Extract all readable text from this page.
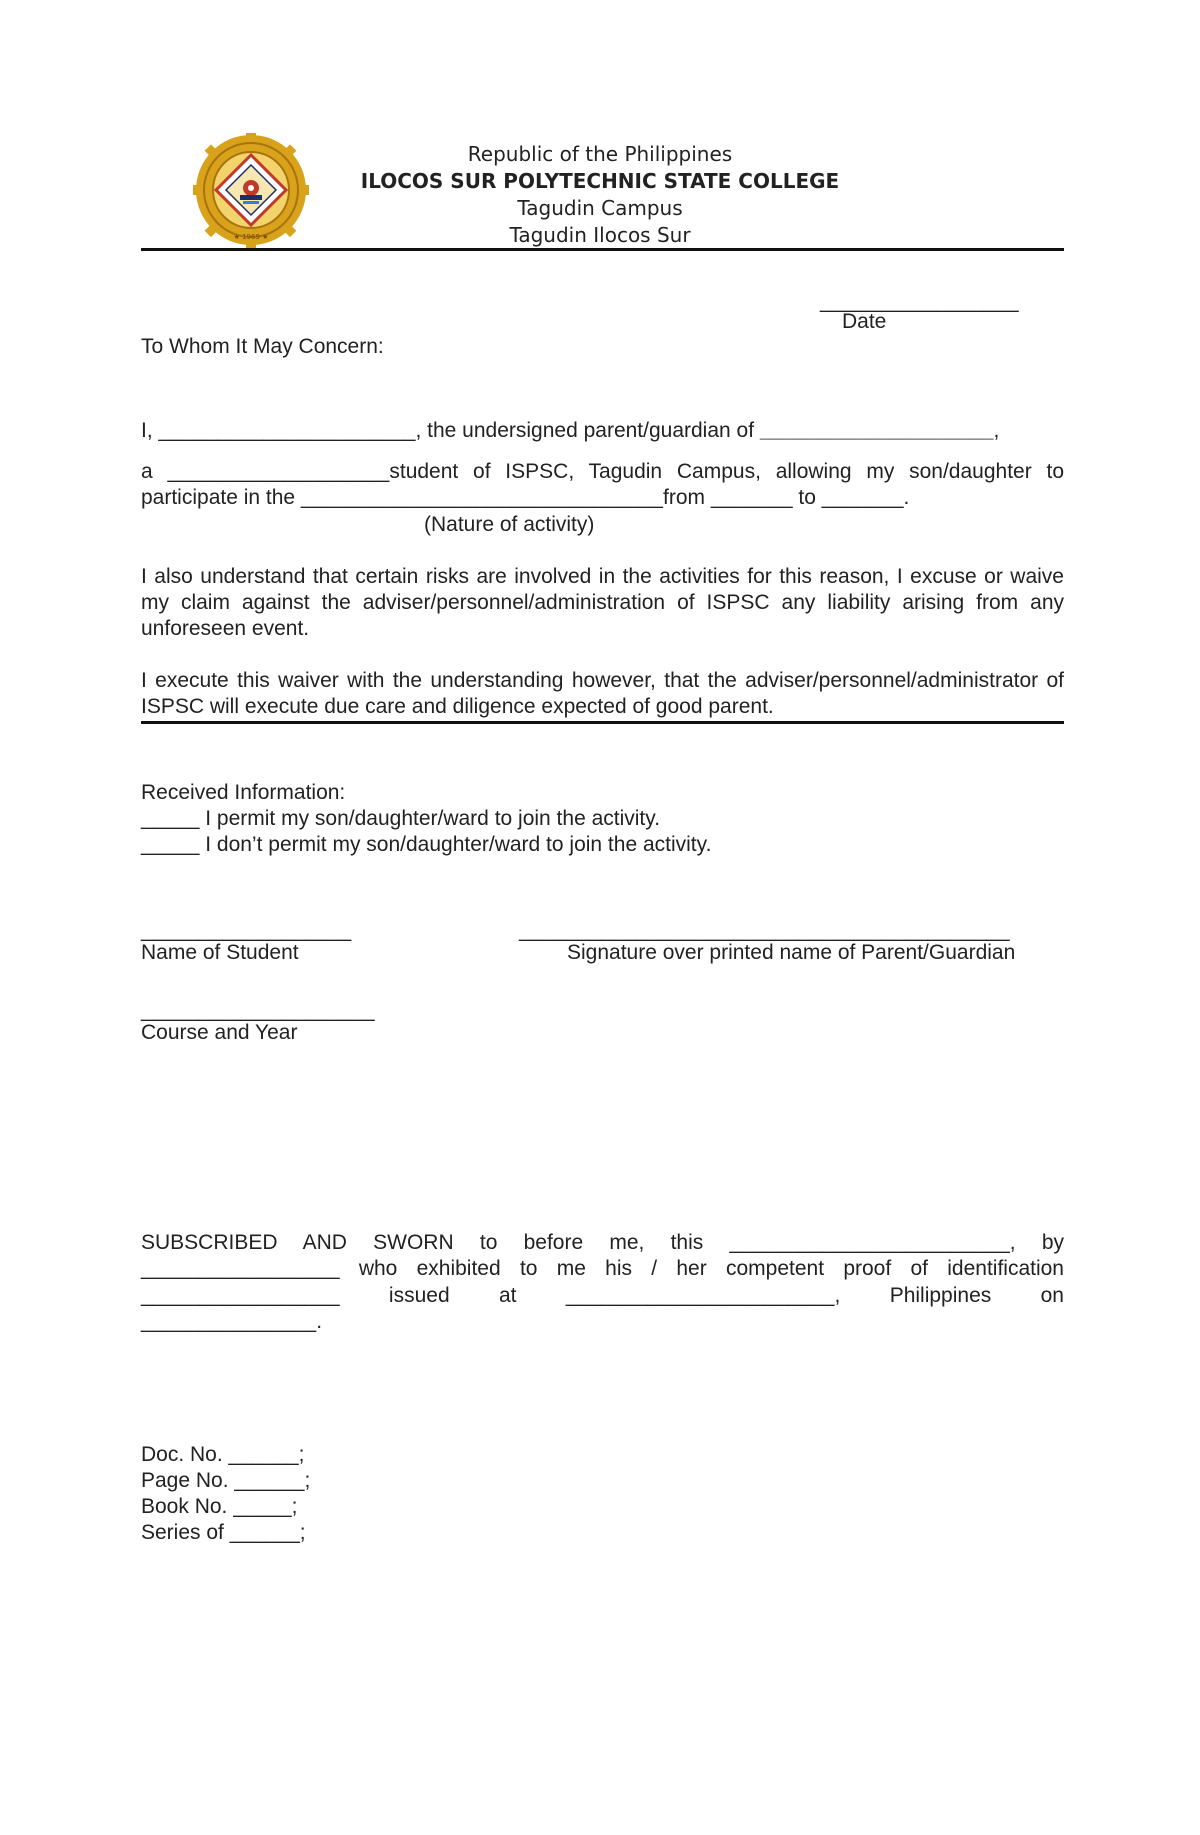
★ 1969 ★
Republic of the Philippines
ILOCOS SUR POLYTECHNIC STATE COLLEGE
Tagudin Campus
Tagudin Ilocos Sur
_________________
Date
To Whom It May Concern:
I, ______________________, the undersigned parent/guardian of ____________________,
a ___________________student of ISPSC, Tagudin Campus, allowing my son/daughter to
participate in the _______________________________from _______ to _______.
(Nature of activity)
I also understand that certain risks are involved in the activities for this reason, I excuse or waive my claim against the adviser/personnel/administration of ISPSC any liability arising from any unforeseen event.
I execute this waiver with the understanding however, that the adviser/personnel/administrator of ISPSC will execute due care and diligence expected of good parent.
Received Information:
_____ I permit my son/daughter/ward to join the activity.
_____ I don’t permit my son/daughter/ward to join the activity.
__________________
Name of Student
__________________________________________
Signature over printed name of Parent/Guardian
____________________
Course and Year
SUBSCRIBED AND SWORN to before me, this ________________________, by
_________________ who exhibited to me his / her competent proof of identification
_________________ issued at _______________________, Philippines on
_______________.
Doc. No. ______;
Page No. ______;
Book No. _____;
Series of ______;
